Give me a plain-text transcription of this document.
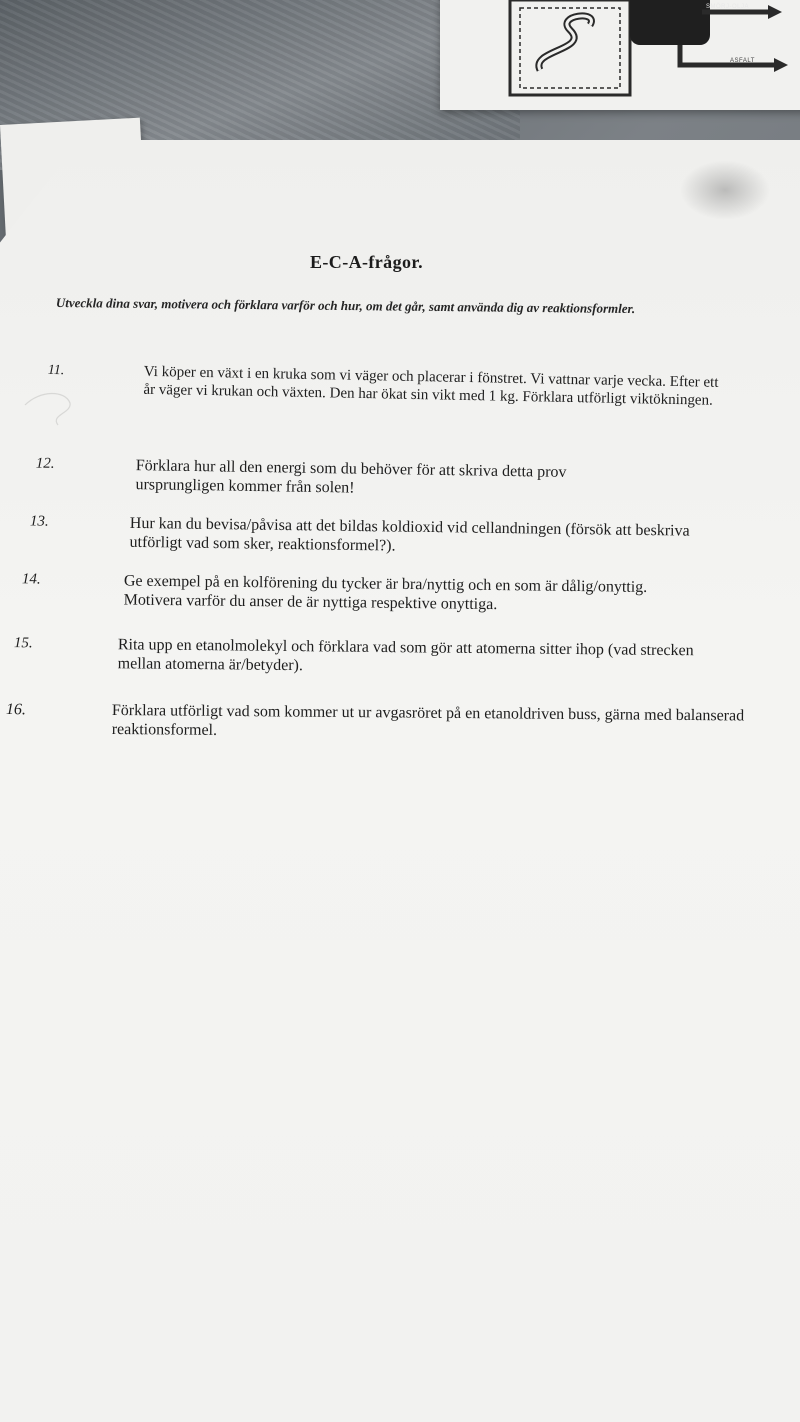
SMÖRJ-OLJA
ASFALT
E-C-A-frågor.
Utveckla dina svar, motivera och förklara varför och hur, om det går, samt använda dig av reaktionsformler.
11.	Vi köper en växt i en kruka som vi väger och placerar i fönstret. Vi vattnar varje vecka. Efter ett år väger vi krukan och växten. Den har ökat sin vikt med 1 kg. Förklara utförligt viktökningen.
12.	Förklara hur all den energi som du behöver för att skriva detta prov ursprungligen kommer från solen!
13.	Hur kan du bevisa/påvisa att det bildas koldioxid vid cellandningen (försök att beskriva utförligt vad som sker, reaktionsformel?).
14.	Ge exempel på en kolförening du tycker är bra/nyttig och en som är dålig/onyttig. Motivera varför du anser de är nyttiga respektive onyttiga.
15.	Rita upp en etanolmolekyl och förklara vad som gör att atomerna sitter ihop (vad strecken mellan atomerna är/betyder).
16.	Förklara utförligt vad som kommer ut ur avgasröret på en etanoldriven buss, gärna med balanserad reaktionsformel.
